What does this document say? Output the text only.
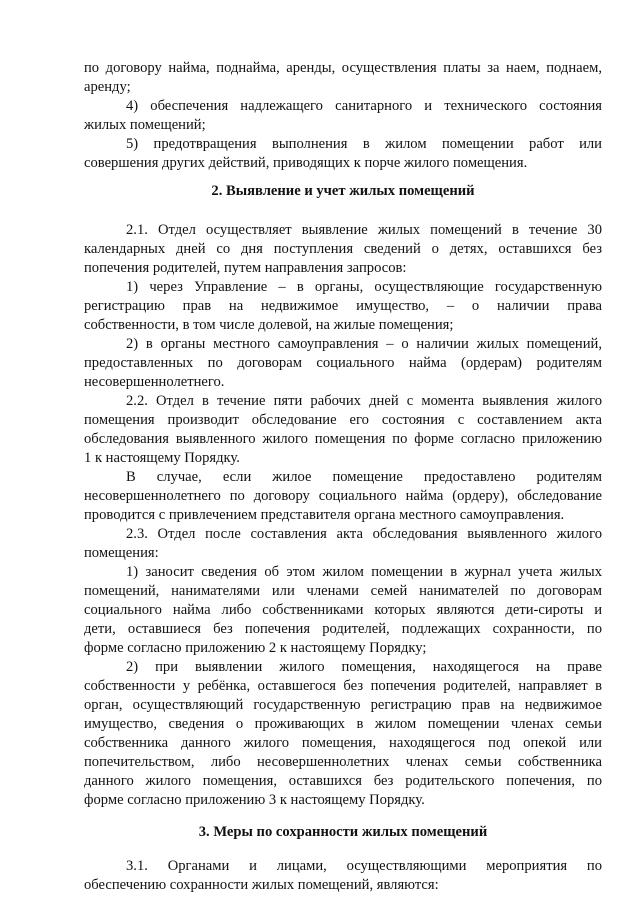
по договору найма, поднайма, аренды, осуществления платы за наем, поднаем,

аренду;

4) обеспечения надлежащего санитарного и технического состояния

жилых помещений;

5) предотвращения выполнения в жилом помещении работ или

совершения других действий, приводящих к порче жилого помещения.

2. Выявление и учет жилых помещений

2.1. Отдел осуществляет выявление жилых помещений в течение 30

календарных дней со дня поступления сведений о детях, оставшихся без

попечения родителей, путем направления запросов:

1) через Управление – в органы, осуществляющие государственную

регистрацию прав на недвижимое имущество, – о наличии права

собственности, в том числе долевой, на жилые помещения;

2) в органы местного самоуправления – о наличии жилых помещений,

предоставленных по договорам социального найма (ордерам) родителям

несовершеннолетнего.

2.2. Отдел в течение пяти рабочих дней с момента выявления жилого

помещения производит обследование его состояния с составлением акта

обследования выявленного жилого помещения по форме согласно приложению

1 к настоящему Порядку.

В случае, если жилое помещение предоставлено родителям

несовершеннолетнего по договору социального найма (ордеру), обследование

проводится с привлечением представителя органа местного самоуправления.

2.3. Отдел после составления акта обследования выявленного жилого

помещения:

1) заносит сведения об этом жилом помещении в журнал учета жилых

помещений, нанимателями или членами семей нанимателей по договорам

социального найма либо собственниками которых являются дети-сироты и

дети, оставшиеся без попечения родителей, подлежащих сохранности, по

форме согласно приложению 2 к настоящему Порядку;

2) при выявлении жилого помещения, находящегося на праве

собственности у ребёнка, оставшегося без попечения родителей, направляет в

орган, осуществляющий государственную регистрацию прав на недвижимое

имущество, сведения о проживающих в жилом помещении членах семьи

собственника данного жилого помещения, находящегося под опекой или

попечительством, либо несовершеннолетних членах семьи собственника

данного жилого помещения, оставшихся без родительского попечения, по

форме согласно приложению 3 к настоящему Порядку.

3. Меры по сохранности жилых помещений

3.1. Органами и лицами, осуществляющими мероприятия по

обеспечению сохранности жилых помещений, являются:
